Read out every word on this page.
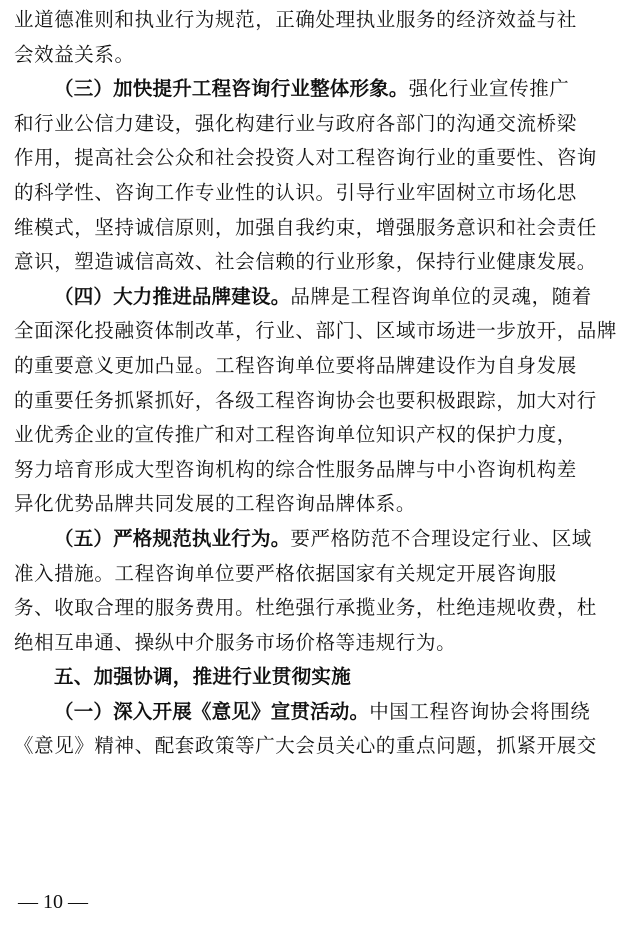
业道德准则和执业行为规范，正确处理执业服务的经济效益与社
会效益关系。
（三）加快提升工程咨询行业整体形象。强化行业宣传推广
和行业公信力建设，强化构建行业与政府各部门的沟通交流桥梁
作用，提高社会公众和社会投资人对工程咨询行业的重要性、咨询
的科学性、咨询工作专业性的认识。引导行业牢固树立市场化思
维模式，坚持诚信原则，加强自我约束，增强服务意识和社会责任
意识，塑造诚信高效、社会信赖的行业形象，保持行业健康发展。
（四）大力推进品牌建设。品牌是工程咨询单位的灵魂，随着
全面深化投融资体制改革，行业、部门、区域市场进一步放开，品牌
的重要意义更加凸显。工程咨询单位要将品牌建设作为自身发展
的重要任务抓紧抓好，各级工程咨询协会也要积极跟踪，加大对行
业优秀企业的宣传推广和对工程咨询单位知识产权的保护力度，
努力培育形成大型咨询机构的综合性服务品牌与中小咨询机构差
异化优势品牌共同发展的工程咨询品牌体系。
（五）严格规范执业行为。要严格防范不合理设定行业、区域
准入措施。工程咨询单位要严格依据国家有关规定开展咨询服
务、收取合理的服务费用。杜绝强行承揽业务，杜绝违规收费，杜
绝相互串通、操纵中介服务市场价格等违规行为。
五、加强协调，推进行业贯彻实施
（一）深入开展《意见》宣贯活动。中国工程咨询协会将围绕
《意见》精神、配套政策等广大会员关心的重点问题，抓紧开展交
— 10 —
